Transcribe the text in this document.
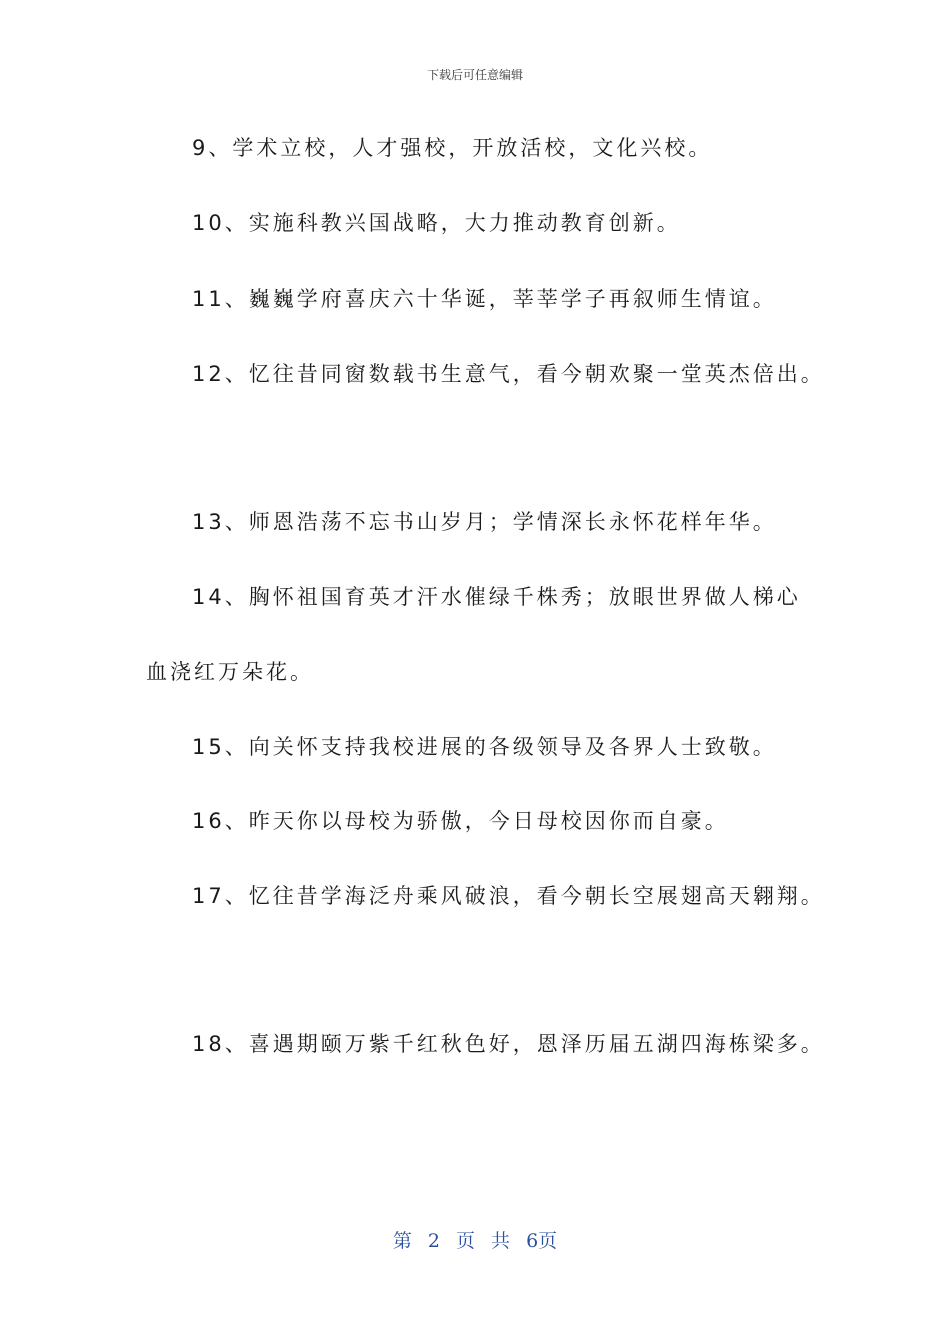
下载后可任意编辑
9、学术立校，人才强校，开放活校，文化兴校。
10、实施科教兴国战略，大力推动教育创新。
11、巍巍学府喜庆六十华诞，莘莘学子再叙师生情谊。
12、忆往昔同窗数载书生意气，看今朝欢聚一堂英杰倍出。
13、师恩浩荡不忘书山岁月；学情深长永怀花样年华。
14、胸怀祖国育英才汗水催绿千株秀；放眼世界做人梯心
血浇红万朵花。
15、向关怀支持我校进展的各级领导及各界人士致敬。
16、昨天你以母校为骄傲，今日母校因你而自豪。
17、忆往昔学海泛舟乘风破浪，看今朝长空展翅高天翱翔。
18、喜遇期颐万紫千红秋色好，恩泽历届五湖四海栋梁多。
第 2 页 共 6页
